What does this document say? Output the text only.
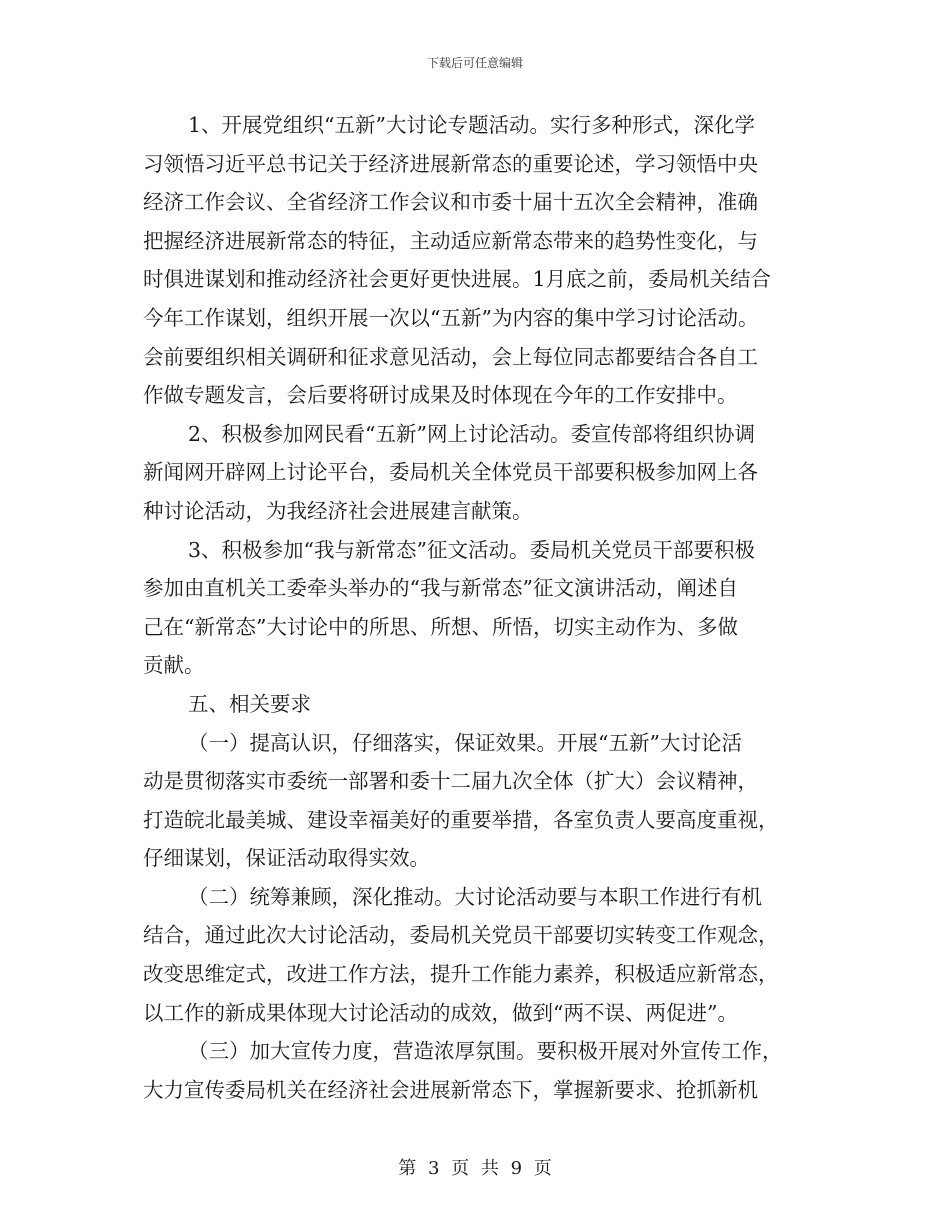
下载后可任意编辑
1、开展党组织“五新”大讨论专题活动。实行多种形式，深化学
习领悟习近平总书记关于经济进展新常态的重要论述，学习领悟中央
经济工作会议、全省经济工作会议和市委十届十五次全会精神，准确
把握经济进展新常态的特征，主动适应新常态带来的趋势性变化，与
时俱进谋划和推动经济社会更好更快进展。1月底之前，委局机关结合
今年工作谋划，组织开展一次以“五新”为内容的集中学习讨论活动。
会前要组织相关调研和征求意见活动，会上每位同志都要结合各自工
作做专题发言，会后要将研讨成果及时体现在今年的工作安排中。
2、积极参加网民看“五新”网上讨论活动。委宣传部将组织协调
新闻网开辟网上讨论平台，委局机关全体党员干部要积极参加网上各
种讨论活动，为我经济社会进展建言献策。
3、积极参加“我与新常态”征文活动。委局机关党员干部要积极
参加由直机关工委牵头举办的“我与新常态”征文演讲活动，阐述自
己在“新常态”大讨论中的所思、所想、所悟，切实主动作为、多做
贡献。
五、相关要求
（一）提高认识，仔细落实，保证效果。开展“五新”大讨论活
动是贯彻落实市委统一部署和委十二届九次全体（扩大）会议精神，
打造皖北最美城、建设幸福美好的重要举措，各室负责人要高度重视，
仔细谋划，保证活动取得实效。
（二）统筹兼顾，深化推动。大讨论活动要与本职工作进行有机
结合，通过此次大讨论活动，委局机关党员干部要切实转变工作观念，
改变思维定式，改进工作方法，提升工作能力素养，积极适应新常态，
以工作的新成果体现大讨论活动的成效，做到“两不误、两促进”。
（三）加大宣传力度，营造浓厚氛围。要积极开展对外宣传工作，
大力宣传委局机关在经济社会进展新常态下，掌握新要求、抢抓新机
第 3 页 共 9 页
